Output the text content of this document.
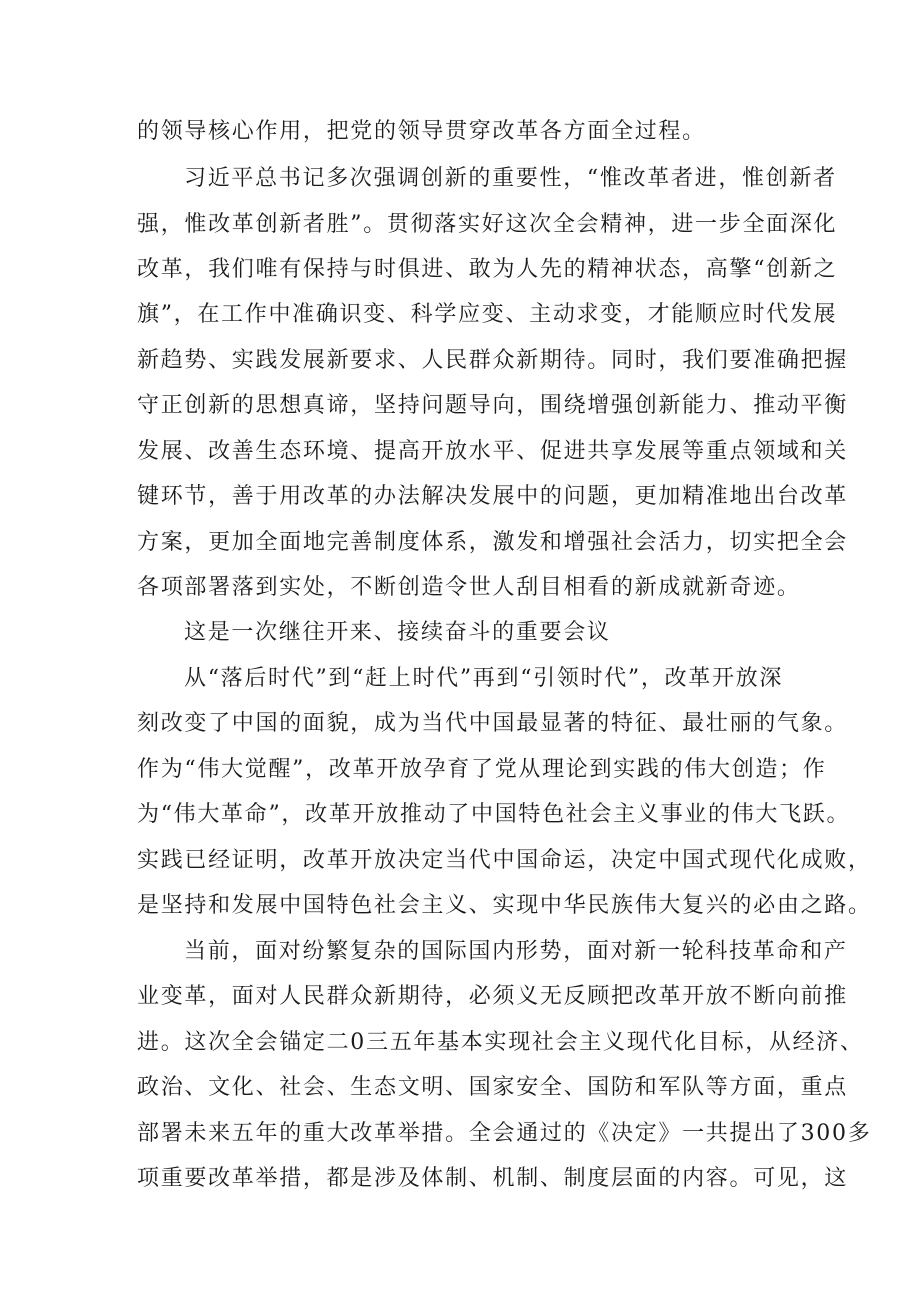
的领导核心作用，把党的领导贯穿改革各方面全过程。
习近平总书记多次强调创新的重要性，“惟改革者进，惟创新者
强，惟改革创新者胜”。贯彻落实好这次全会精神，进一步全面深化
改革，我们唯有保持与时俱进、敢为人先的精神状态，高擎“创新之
旗”，在工作中准确识变、科学应变、主动求变，才能顺应时代发展
新趋势、实践发展新要求、人民群众新期待。同时，我们要准确把握
守正创新的思想真谛，坚持问题导向，围绕增强创新能力、推动平衡
发展、改善生态环境、提高开放水平、促进共享发展等重点领域和关
键环节，善于用改革的办法解决发展中的问题，更加精准地出台改革
方案，更加全面地完善制度体系，激发和增强社会活力，切实把全会
各项部署落到实处，不断创造令世人刮目相看的新成就新奇迹。
这是一次继往开来、接续奋斗的重要会议
从“落后时代”到“赶上时代”再到“引领时代”，改革开放深
刻改变了中国的面貌，成为当代中国最显著的特征、最壮丽的气象。
作为“伟大觉醒”，改革开放孕育了党从理论到实践的伟大创造；作
为“伟大革命”，改革开放推动了中国特色社会主义事业的伟大飞跃。
实践已经证明，改革开放决定当代中国命运，决定中国式现代化成败，
是坚持和发展中国特色社会主义、实现中华民族伟大复兴的必由之路。
当前，面对纷繁复杂的国际国内形势，面对新一轮科技革命和产
业变革，面对人民群众新期待，必须义无反顾把改革开放不断向前推
进。这次全会锚定二0三五年基本实现社会主义现代化目标，从经济、
政治、文化、社会、生态文明、国家安全、国防和军队等方面，重点
部署未来五年的重大改革举措。全会通过的《决定》一共提出了300多
项重要改革举措，都是涉及体制、机制、制度层面的内容。可见，这
